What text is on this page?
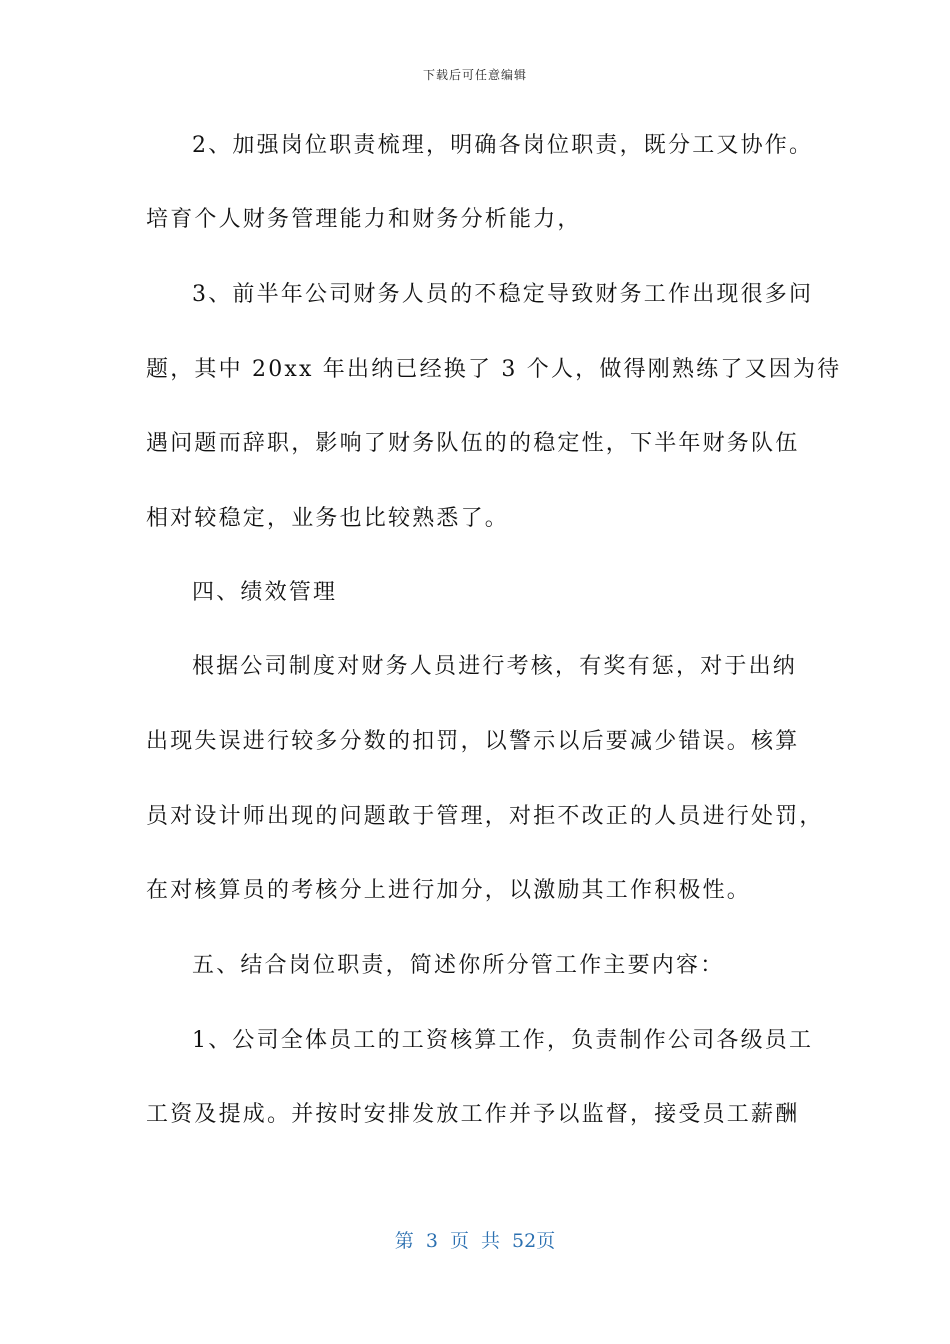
下载后可任意编辑
2、加强岗位职责梳理，明确各岗位职责，既分工又协作。
培育个人财务管理能力和财务分析能力，
3、前半年公司财务人员的不稳定导致财务工作出现很多问
题，其中 20xx 年出纳已经换了 3 个人，做得刚熟练了又因为待
遇问题而辞职，影响了财务队伍的的稳定性，下半年财务队伍
相对较稳定，业务也比较熟悉了。
四、绩效管理
根据公司制度对财务人员进行考核，有奖有惩，对于出纳
出现失误进行较多分数的扣罚，以警示以后要减少错误。核算
员对设计师出现的问题敢于管理，对拒不改正的人员进行处罚，
在对核算员的考核分上进行加分，以激励其工作积极性。
五、结合岗位职责，简述你所分管工作主要内容：
1、公司全体员工的工资核算工作，负责制作公司各级员工
工资及提成。并按时安排发放工作并予以监督，接受员工薪酬
第 3 页 共 52页
